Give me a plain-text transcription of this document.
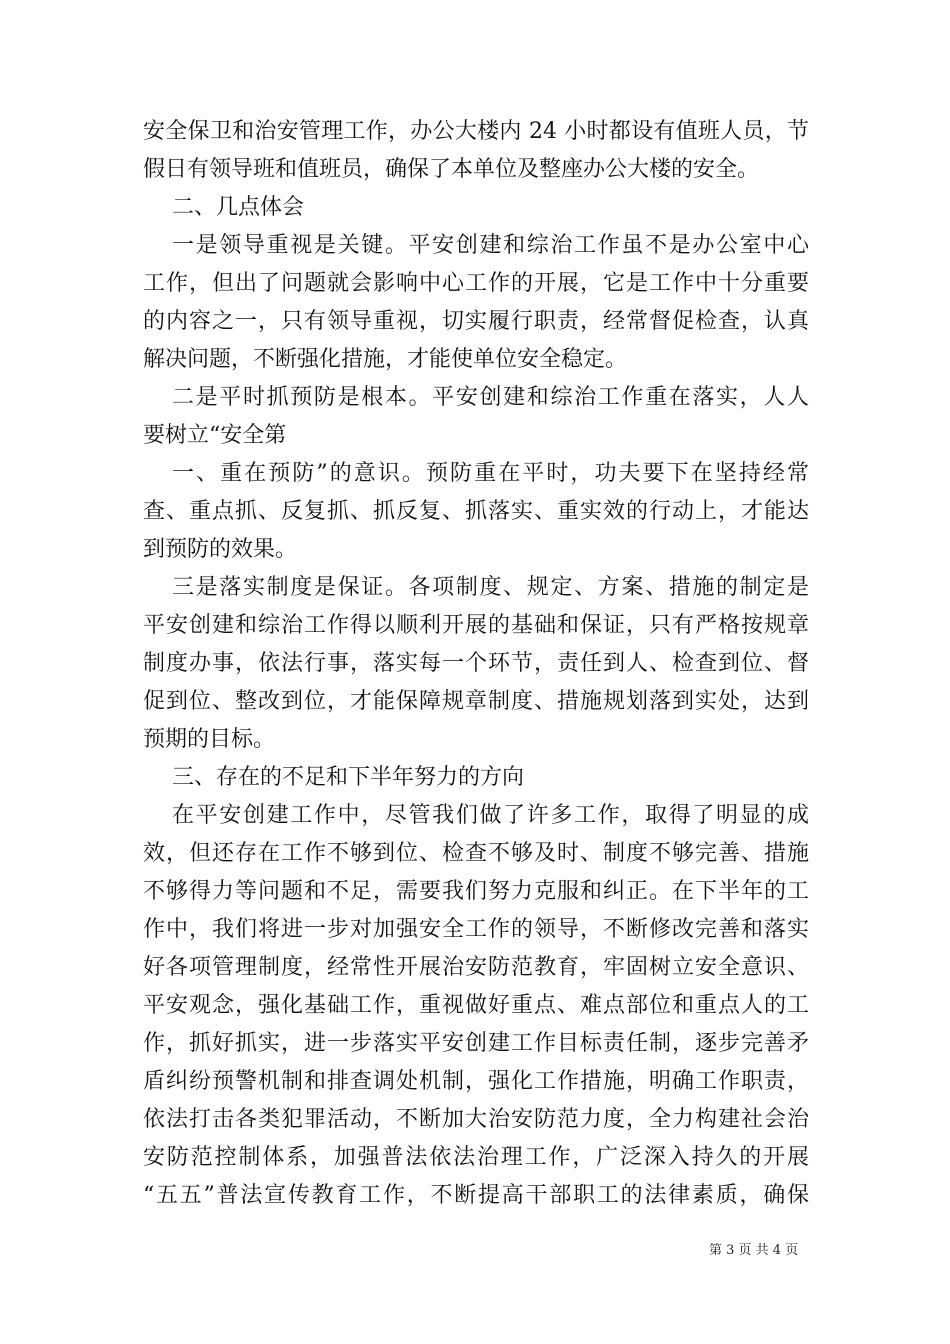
安全保卫和治安管理工作，办公大楼内 24 小时都设有值班人员，节
假日有领导班和值班员，确保了本单位及整座办公大楼的安全。
二、几点体会
一是领导重视是关键。平安创建和综治工作虽不是办公室中心
工作，但出了问题就会影响中心工作的开展，它是工作中十分重要
的内容之一，只有领导重视，切实履行职责，经常督促检查，认真
解决问题，不断强化措施，才能使单位安全稳定。
二是平时抓预防是根本。平安创建和综治工作重在落实，人人
要树立“安全第
一、重在预防”的意识。预防重在平时，功夫要下在坚持经常
查、重点抓、反复抓、抓反复、抓落实、重实效的行动上，才能达
到预防的效果。
三是落实制度是保证。各项制度、规定、方案、措施的制定是
平安创建和综治工作得以顺利开展的基础和保证，只有严格按规章
制度办事，依法行事，落实每一个环节，责任到人、检查到位、督
促到位、整改到位，才能保障规章制度、措施规划落到实处，达到
预期的目标。
三、存在的不足和下半年努力的方向
在平安创建工作中，尽管我们做了许多工作，取得了明显的成
效，但还存在工作不够到位、检查不够及时、制度不够完善、措施
不够得力等问题和不足，需要我们努力克服和纠正。在下半年的工
作中，我们将进一步对加强安全工作的领导，不断修改完善和落实
好各项管理制度，经常性开展治安防范教育，牢固树立安全意识、
平安观念，强化基础工作，重视做好重点、难点部位和重点人的工
作，抓好抓实，进一步落实平安创建工作目标责任制，逐步完善矛
盾纠纷预警机制和排查调处机制，强化工作措施，明确工作职责，
依法打击各类犯罪活动，不断加大治安防范力度，全力构建社会治
安防范控制体系，加强普法依法治理工作，广泛深入持久的开展
“五五”普法宣传教育工作，不断提高干部职工的法律素质，确保
第 3 页 共 4 页
